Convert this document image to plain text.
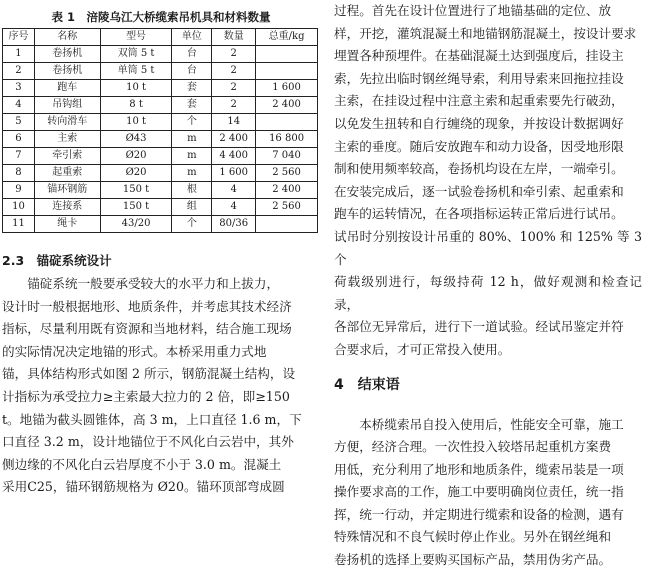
表 1　涪陵乌江大桥缆索吊机具和材料数量
序号	名称	型号	单位	数量	总重/kg
1	卷扬机	双筒 5 t	台	2	
2	卷扬机	单筒 5 t	台	2	
3	跑车	10 t	套	2	1 600
4	吊钩组	8 t	套	2	2 400
5	转向滑车	10 t	个	14	
6	主索	Ø43	m	2 400	16 800
7	牵引索	Ø20	m	4 400	7 040
8	起重索	Ø20	m	1 600	2 560
9	锚环钢筋	150 t	根	4	2 400
10	连接系	150 t	组	4	2 560
11	绳卡	43/20	个	80/36	
2.3　锚碇系统设计

锚碇系统一般要承受较大的水平力和上拔力，

设计时一般根据地形、地质条件，并考虑其技术经济

指标，尽量利用既有资源和当地材料，结合施工现场

的实际情况决定地锚的形式。本桥采用重力式地

锚，具体结构形式如图 2 所示，钢筋混凝土结构，设

计指标为承受拉力≥主索最大拉力的 2 倍，即≥150

t。地锚为截头圆锥体，高 3 m，上口直径 1.6 m，下

口直径 3.2 m，设计地锚位于不风化白云岩中，其外

侧边缘的不风化白云岩厚度不小于 3.0 m。混凝土

采用C25，锚环钢筋规格为 Ø20。锚环顶部弯成圆

过程。首先在设计位置进行了地锚基础的定位、放

样，开挖，灌筑混凝土和地锚钢筋混凝土，按设计要求

埋置各种预埋件。在基础混凝土达到强度后，挂设主

索，先拉出临时钢丝绳导索，利用导索来回拖拉挂设

主索，在挂设过程中注意主索和起重索要先行破劲，

以免发生扭转和自行缠绕的现象，并按设计数据调好

主索的垂度。随后安放跑车和动力设备，因受地形限

制和使用频率较高，卷扬机均设在左岸，一端牵引。

在安装完成后，逐一试验卷扬机和牵引索、起重索和

跑车的运转情况，在各项指标运转正常后进行试吊。

试吊时分别按设计吊重的 80%、100% 和 125% 等 3 个

荷载级别进行，每级持荷 12 h，做好观测和检查记录，

各部位无异常后，进行下一道试验。经试吊鉴定并符

合要求后，才可正常投入使用。

4　结束语

本桥缆索吊自投入使用后，性能安全可靠，施工

方便，经济合理。一次性投入较塔吊起重机方案费

用低，充分利用了地形和地质条件，缆索吊装是一项

操作要求高的工作，施工中要明确岗位责任，统一指

挥，统一行动，并定期进行缆索和设备的检测，遇有

特殊情况和不良气候时停止作业。另外在钢丝绳和

卷扬机的选择上要购买国标产品，禁用伪劣产品。
